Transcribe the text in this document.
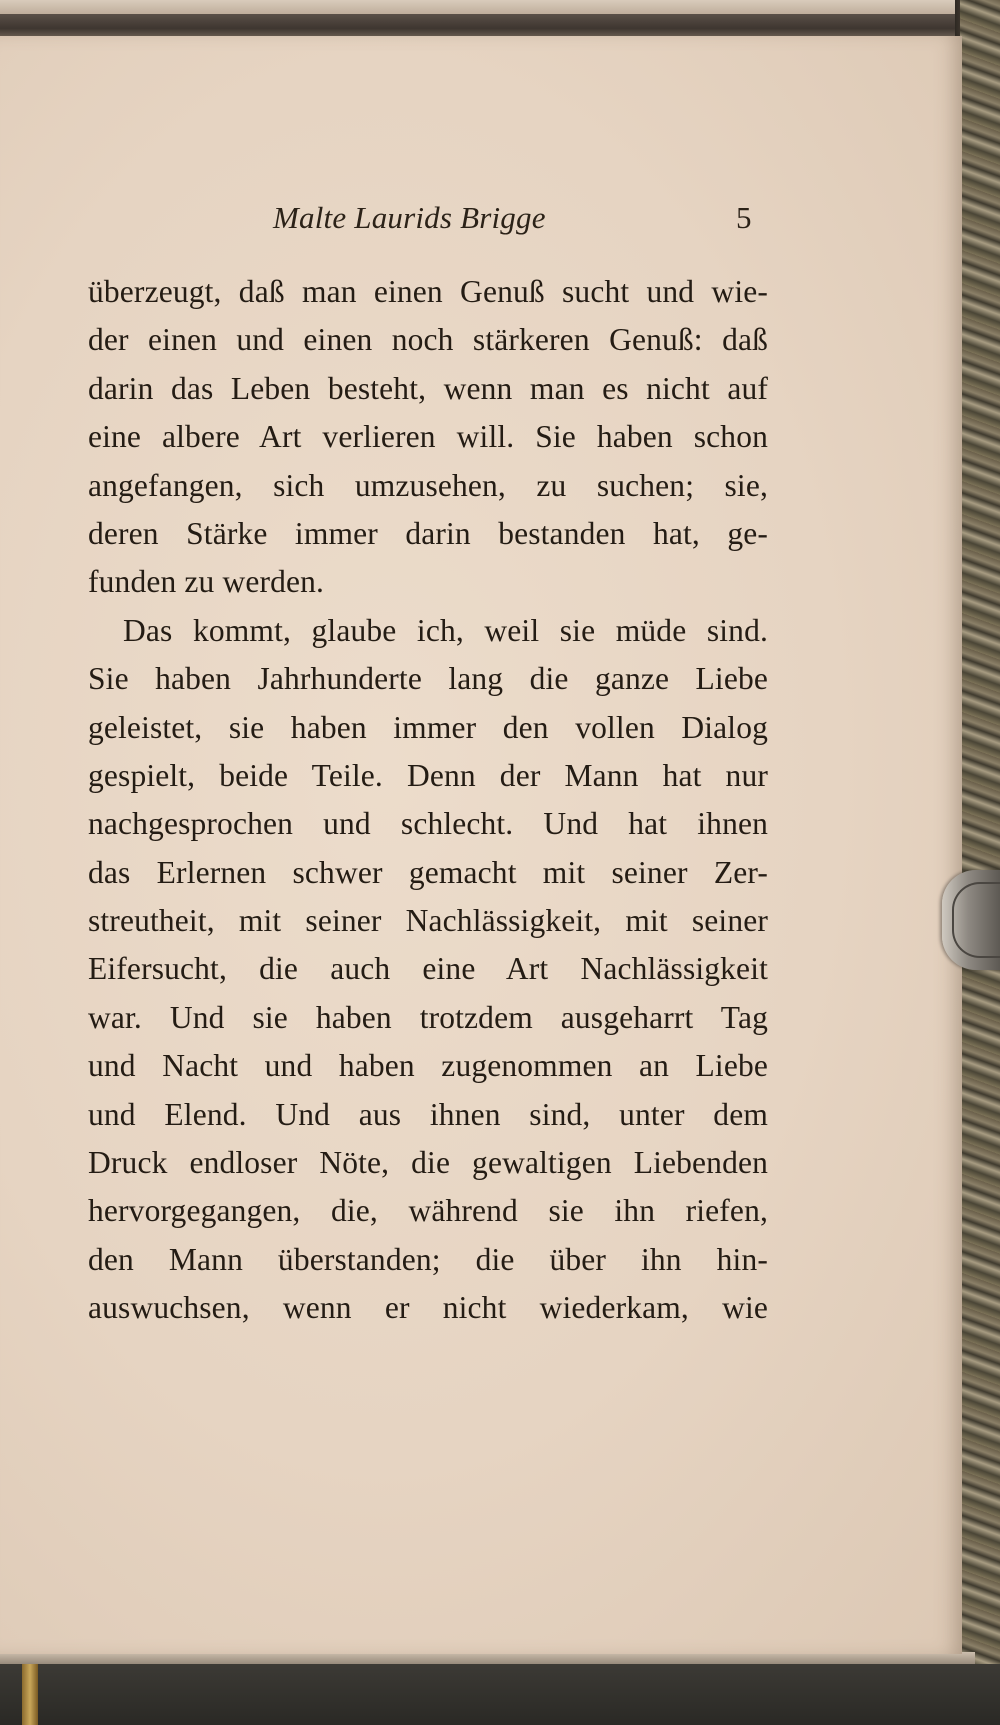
Malte Laurids Brigge	5
überzeugt, daß man einen Genuß sucht und wie-
der einen und einen noch stärkeren Genuß: daß
darin das Leben besteht, wenn man es nicht auf
eine albere Art verlieren will. Sie haben schon
angefangen, sich umzusehen, zu suchen; sie,
deren Stärke immer darin bestanden hat, ge-
funden zu werden.
Das kommt, glaube ich, weil sie müde sind.
Sie haben Jahrhunderte lang die ganze Liebe
geleistet, sie haben immer den vollen Dialog
gespielt, beide Teile. Denn der Mann hat nur
nachgesprochen und schlecht. Und hat ihnen
das Erlernen schwer gemacht mit seiner Zer-
streutheit, mit seiner Nachlässigkeit, mit seiner
Eifersucht, die auch eine Art Nachlässigkeit
war. Und sie haben trotzdem ausgeharrt Tag
und Nacht und haben zugenommen an Liebe
und Elend. Und aus ihnen sind, unter dem
Druck endloser Nöte, die gewaltigen Liebenden
hervorgegangen, die, während sie ihn riefen,
den Mann überstanden; die über ihn hin-
auswuchsen, wenn er nicht wiederkam, wie
